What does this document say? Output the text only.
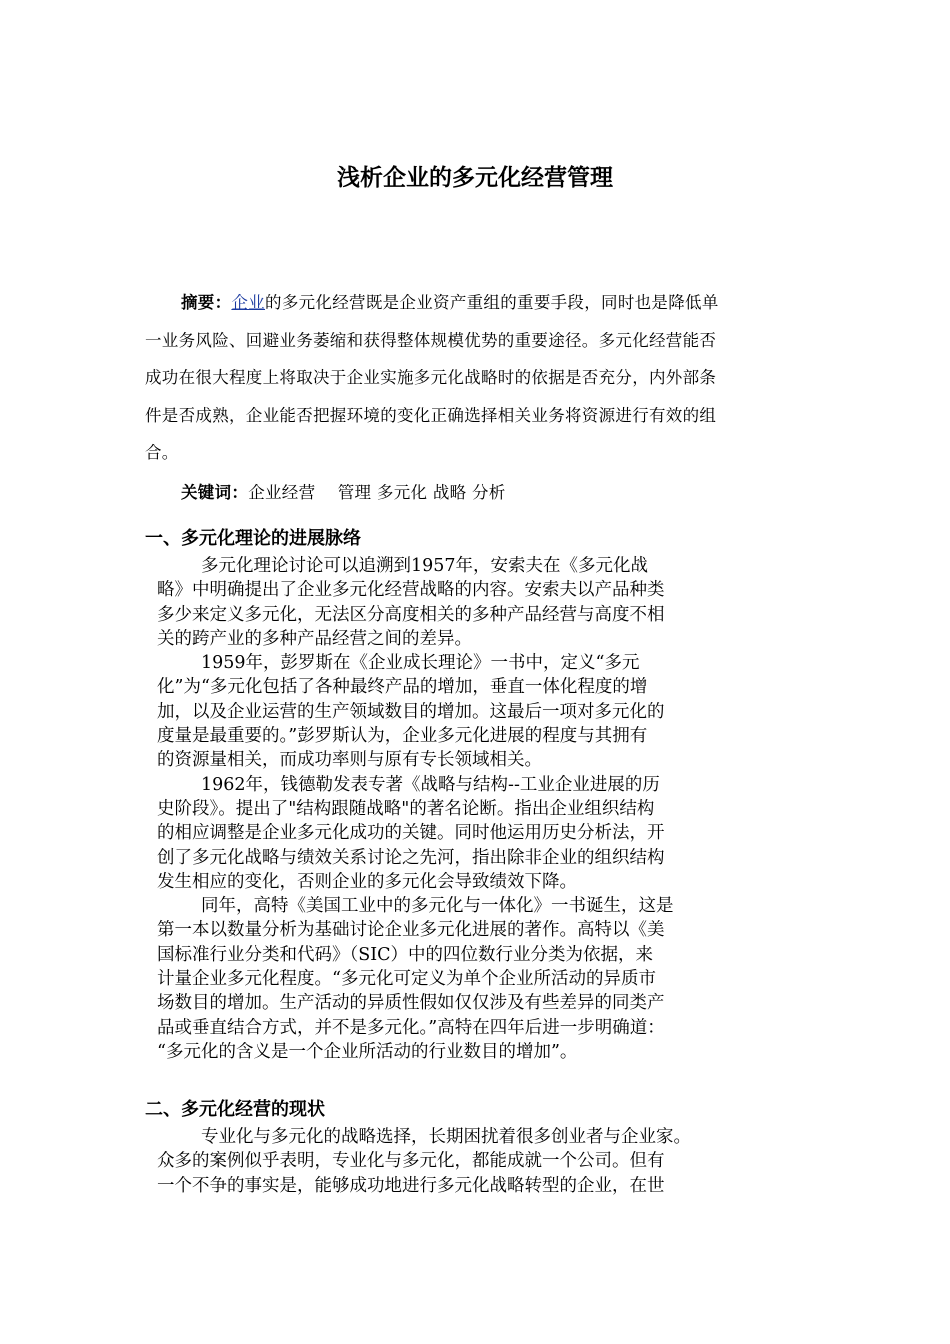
浅析企业的多元化经营管理
摘要：企业的多元化经营既是企业资产重组的重要手段，同时也是降低单
一业务风险、回避业务萎缩和获得整体规模优势的重要途径。多元化经营能否
成功在很大程度上将取决于企业实施多元化战略时的依据是否充分，内外部条
件是否成熟，企业能否把握环境的变化正确选择相关业务将资源进行有效的组
合。
关键词：企业经营　 管理 多元化 战略 分析
一、多元化理论的进展脉络
多元化理论讨论可以追溯到1957年，安索夫在《多元化战
略》中明确提出了企业多元化经营战略的内容。安索夫以产品种类
多少来定义多元化，无法区分高度相关的多种产品经营与高度不相
关的跨产业的多种产品经营之间的差异。
1959年，彭罗斯在《企业成长理论》一书中，定义“多元
化”为“多元化包括了各种最终产品的增加，垂直一体化程度的增
加，以及企业运营的生产领域数目的增加。这最后一项对多元化的
度量是最重要的。”彭罗斯认为，企业多元化进展的程度与其拥有
的资源量相关，而成功率则与原有专长领域相关。
1962年，钱德勒发表专著《战略与结构--工业企业进展的历
史阶段》。提出了"结构跟随战略"的著名论断。指出企业组织结构
的相应调整是企业多元化成功的关键。同时他运用历史分析法，开
创了多元化战略与绩效关系讨论之先河，指出除非企业的组织结构
发生相应的变化，否则企业的多元化会导致绩效下降。
同年，高特《美国工业中的多元化与一体化》一书诞生，这是
第一本以数量分析为基础讨论企业多元化进展的著作。高特以《美
国标准行业分类和代码》（SIC）中的四位数行业分类为依据，来
计量企业多元化程度。“多元化可定义为单个企业所活动的异质市
场数目的增加。生产活动的异质性假如仅仅涉及有些差异的同类产
品或垂直结合方式，并不是多元化。”高特在四年后进一步明确道：
“多元化的含义是一个企业所活动的行业数目的增加”。
二、多元化经营的现状
专业化与多元化的战略选择，长期困扰着很多创业者与企业家。
众多的案例似乎表明，专业化与多元化，都能成就一个公司。但有
一个不争的事实是，能够成功地进行多元化战略转型的企业，在世
